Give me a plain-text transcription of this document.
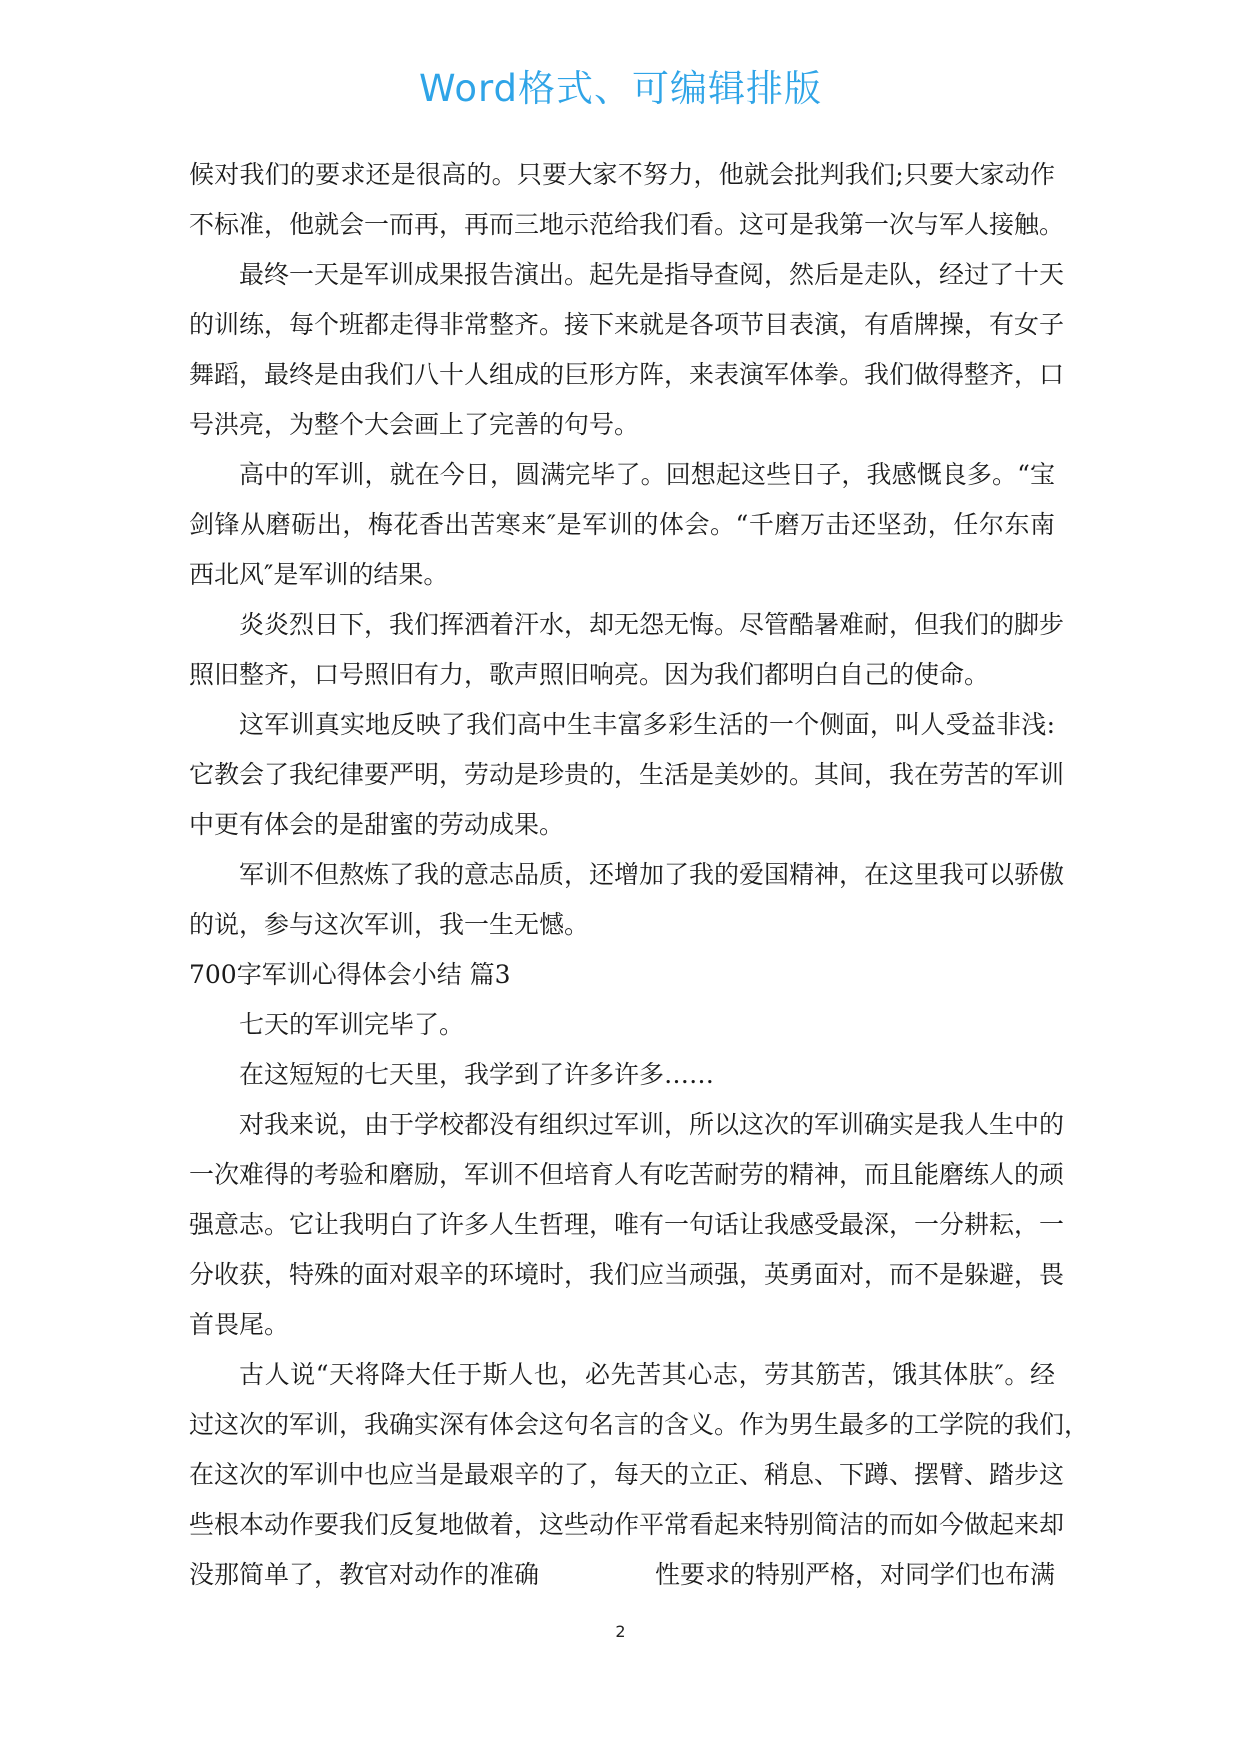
Word格式、可编辑排版
候对我们的要求还是很高的。只要大家不努力，他就会批判我们;只要大家动作
不标准，他就会一而再，再而三地示范给我们看。这可是我第一次与军人接触。
最终一天是军训成果报告演出。起先是指导查阅，然后是走队，经过了十天
的训练，每个班都走得非常整齐。接下来就是各项节目表演，有盾牌操，有女子
舞蹈，最终是由我们八十人组成的巨形方阵，来表演军体拳。我们做得整齐，口
号洪亮，为整个大会画上了完善的句号。
高中的军训，就在今日，圆满完毕了。回想起这些日子，我感慨良多。“宝
剑锋从磨砺出，梅花香出苦寒来″是军训的体会。“千磨万击还坚劲，任尔东南
西北风″是军训的结果。
炎炎烈日下，我们挥洒着汗水，却无怨无悔。尽管酷暑难耐，但我们的脚步
照旧整齐，口号照旧有力，歌声照旧响亮。因为我们都明白自己的使命。
这军训真实地反映了我们高中生丰富多彩生活的一个侧面，叫人受益非浅:
它教会了我纪律要严明，劳动是珍贵的，生活是美妙的。其间，我在劳苦的军训
中更有体会的是甜蜜的劳动成果。
军训不但熬炼了我的意志品质，还增加了我的爱国精神，在这里我可以骄傲
的说，参与这次军训，我一生无憾。
700字军训心得体会小结 篇3
七天的军训完毕了。
在这短短的七天里，我学到了许多许多……
对我来说，由于学校都没有组织过军训，所以这次的军训确实是我人生中的
一次难得的考验和磨励，军训不但培育人有吃苦耐劳的精神，而且能磨练人的顽
强意志。它让我明白了许多人生哲理，唯有一句话让我感受最深，一分耕耘，一
分收获，特殊的面对艰辛的环境时，我们应当顽强，英勇面对，而不是躲避，畏
首畏尾。
古人说“天将降大任于斯人也，必先苦其心志，劳其筋苦，饿其体肤″。经
过这次的军训，我确实深有体会这句名言的含义。作为男生最多的工学院的我们，
在这次的军训中也应当是最艰辛的了，每天的立正、稍息、下蹲、摆臂、踏步这
些根本动作要我们反复地做着，这些动作平常看起来特别简洁的而如今做起来却
没那简单了，教官对动作的准确	性要求的特别严格，对同学们也布满
2
